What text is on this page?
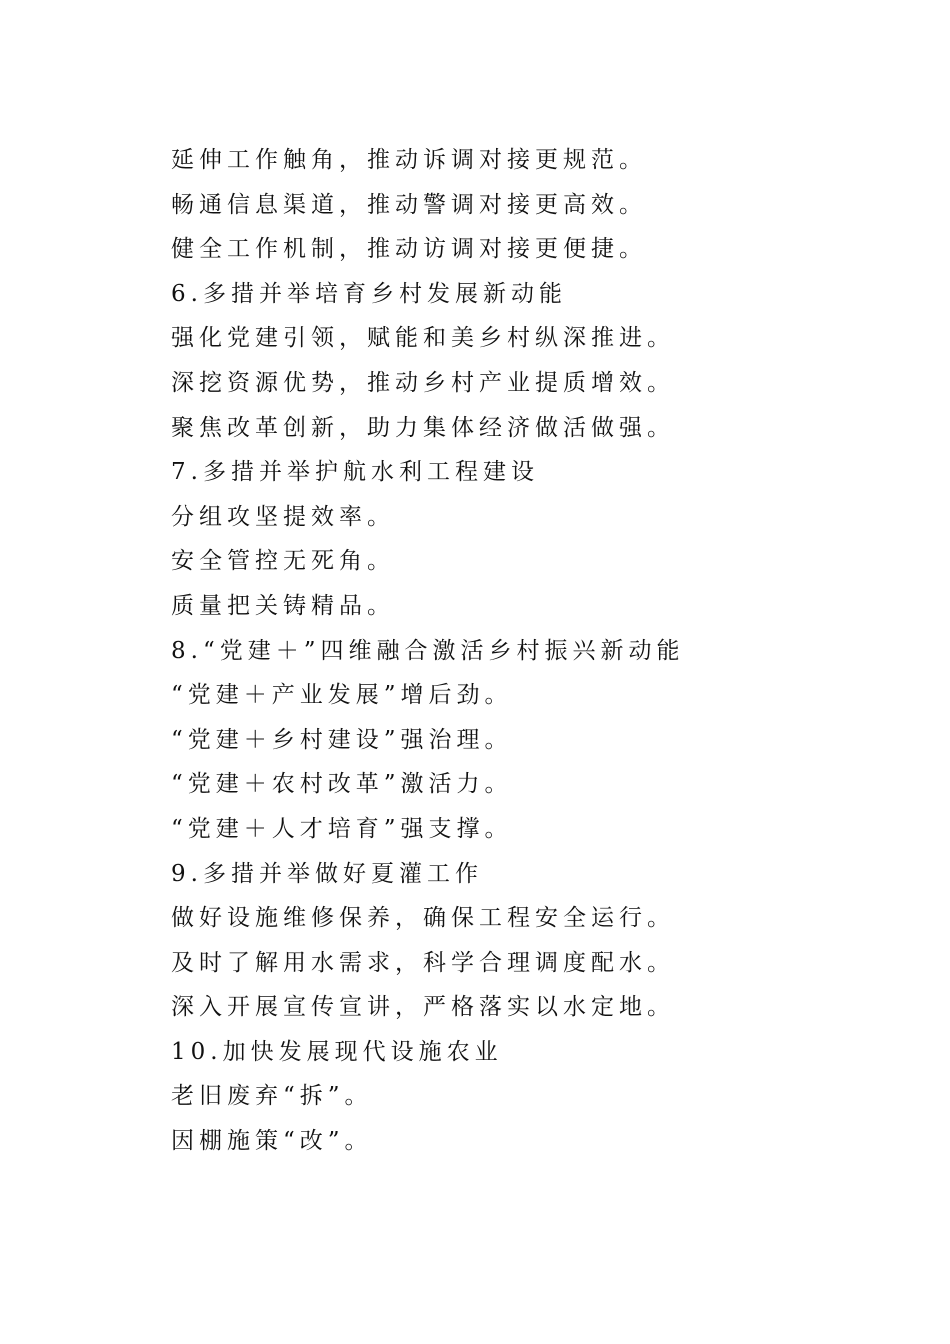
延伸工作触角，推动诉调对接更规范。
畅通信息渠道，推动警调对接更高效。
健全工作机制，推动访调对接更便捷。
6.多措并举培育乡村发展新动能
强化党建引领，赋能和美乡村纵深推进。
深挖资源优势，推动乡村产业提质增效。
聚焦改革创新，助力集体经济做活做强。
7.多措并举护航水利工程建设
分组攻坚提效率。
安全管控无死角。
质量把关铸精品。
8.“党建＋”四维融合激活乡村振兴新动能
“党建＋产业发展”增后劲。
“党建＋乡村建设”强治理。
“党建＋农村改革”激活力。
“党建＋人才培育”强支撑。
9.多措并举做好夏灌工作
做好设施维修保养，确保工程安全运行。
及时了解用水需求，科学合理调度配水。
深入开展宣传宣讲，严格落实以水定地。
10.加快发展现代设施农业
老旧废弃“拆”。
因棚施策“改”。
